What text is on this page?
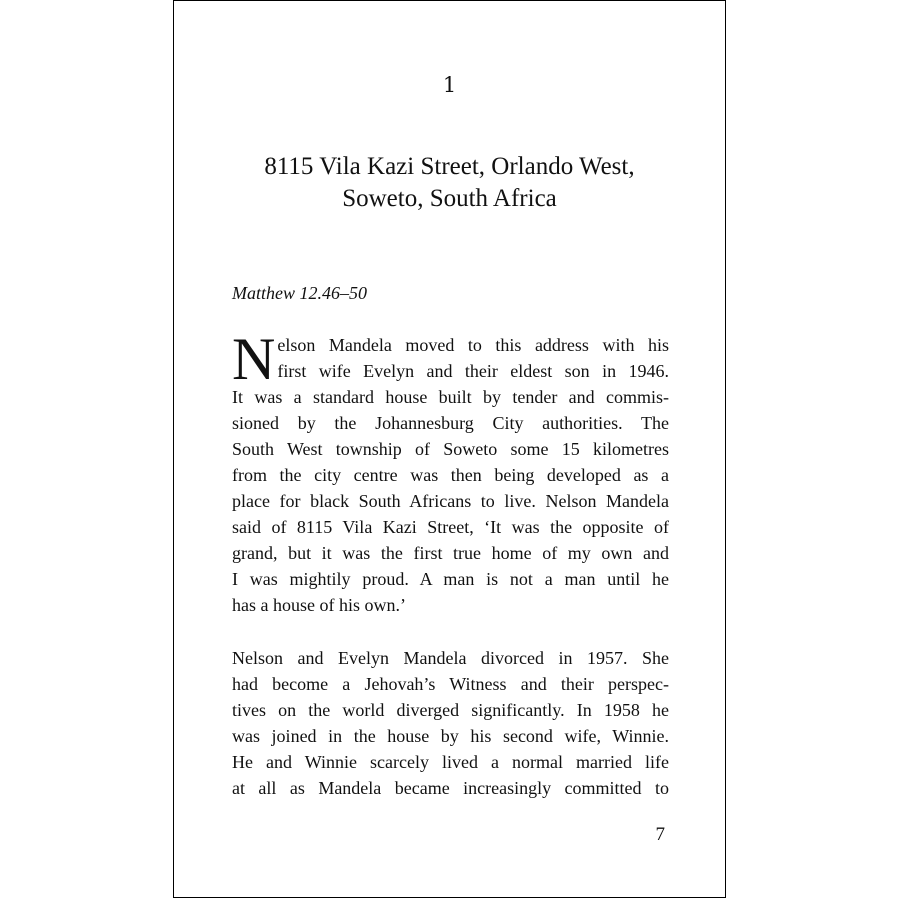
1
8115 Vila Kazi Street, Orlando West,
Soweto, South Africa
Matthew 12.46–50
N elson Mandela moved to this address with his
first wife Evelyn and their eldest son in 1946.
It was a standard house built by tender and commis-
sioned by the Johannesburg City authorities. The
South West township of Soweto some 15 kilometres
from the city centre was then being developed as a
place for black South Africans to live. Nelson Mandela
said of 8115 Vila Kazi Street, ‘It was the opposite of
grand, but it was the first true home of my own and
I was mightily proud. A man is not a man until he
has a house of his own.’
Nelson and Evelyn Mandela divorced in 1957. She
had become a Jehovah’s Witness and their perspec-
tives on the world diverged significantly. In 1958 he
was joined in the house by his second wife, Winnie.
He and Winnie scarcely lived a normal married life
at all as Mandela became increasingly committed to
7
